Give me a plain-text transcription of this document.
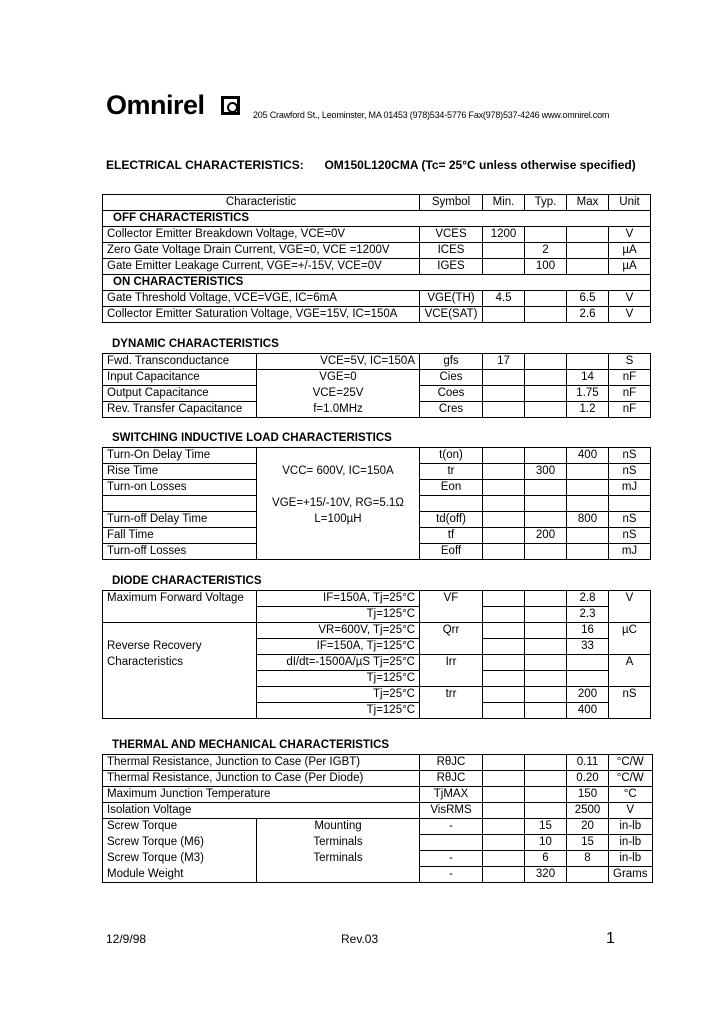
Omnirel	205 Crawford St., Leominster, MA 01453 (978)534-5776 Fax(978)537-4246 www.omnirel.com
ELECTRICAL CHARACTERISTICS: OM150L120CMA (Tc= 25°C unless otherwise specified)
Characteristic	Symbol	Min.	Typ.	Max	Unit
OFF CHARACTERISTICS					
Collector Emitter Breakdown Voltage, VCE=0V	VCES	1200			V
Zero Gate Voltage Drain Current, VGE=0, VCE =1200V	ICES		2		µA
Gate Emitter Leakage Current, VGE=+/-15V, VCE=0V	IGES		100		µA
ON CHARACTERISTICS					
Gate Threshold Voltage, VCE=VGE, IC=6mA	VGE(TH)	4.5		6.5	V
Collector Emitter Saturation Voltage, VGE=15V, IC=150A	VCE(SAT)			2.6	V
DYNAMIC CHARACTERISTICS
Fwd. Transconductance	VCE=5V, IC=150A	gfs	17			S
Input Capacitance	VGE=0	Cies			14	nF
Output Capacitance	VCE=25V	Coes			1.75	nF
Rev. Transfer Capacitance	f=1.0MHz	Cres			1.2	nF
SWITCHING INDUCTIVE LOAD CHARACTERISTICS
Turn-On Delay Time		t(on)			400	nS
Rise Time	VCC= 600V, IC=150A	tr		300		nS
Turn-on Losses		Eon				mJ
	VGE=+15/-10V, RG=5.1Ω					
Turn-off Delay Time	L=100µH	td(off)			800	nS
Fall Time		tf		200		nS
Turn-off Losses		Eoff				mJ
DIODE CHARACTERISTICS
Maximum Forward Voltage	IF=150A, Tj=25°C	VF			2.8	V
	Tj=125°C				2.3	
	VR=600V, Tj=25°C	Qrr			16	µC
Reverse Recovery	IF=150A, Tj=125°C				33	
Characteristics	dI/dt=-1500A/µS Tj=25°C	Irr				A
	Tj=125°C					
	Tj=25°C	trr			200	nS
	Tj=125°C				400	
THERMAL AND MECHANICAL CHARACTERISTICS
Thermal Resistance, Junction to Case (Per IGBT)		RθJC			0.11	°C/W
Thermal Resistance, Junction to Case (Per Diode)		RθJC			0.20	°C/W
Maximum Junction Temperature		TjMAX			150	°C
Isolation Voltage		VisRMS			2500	V
Screw Torque	Mounting	-		15	20	in-lb
Screw Torque (M6)	Terminals			10	15	in-lb
Screw Torque (M3)	Terminals	-		6	8	in-lb
Module Weight		-		320		Grams
12/9/98	Rev.03	1
